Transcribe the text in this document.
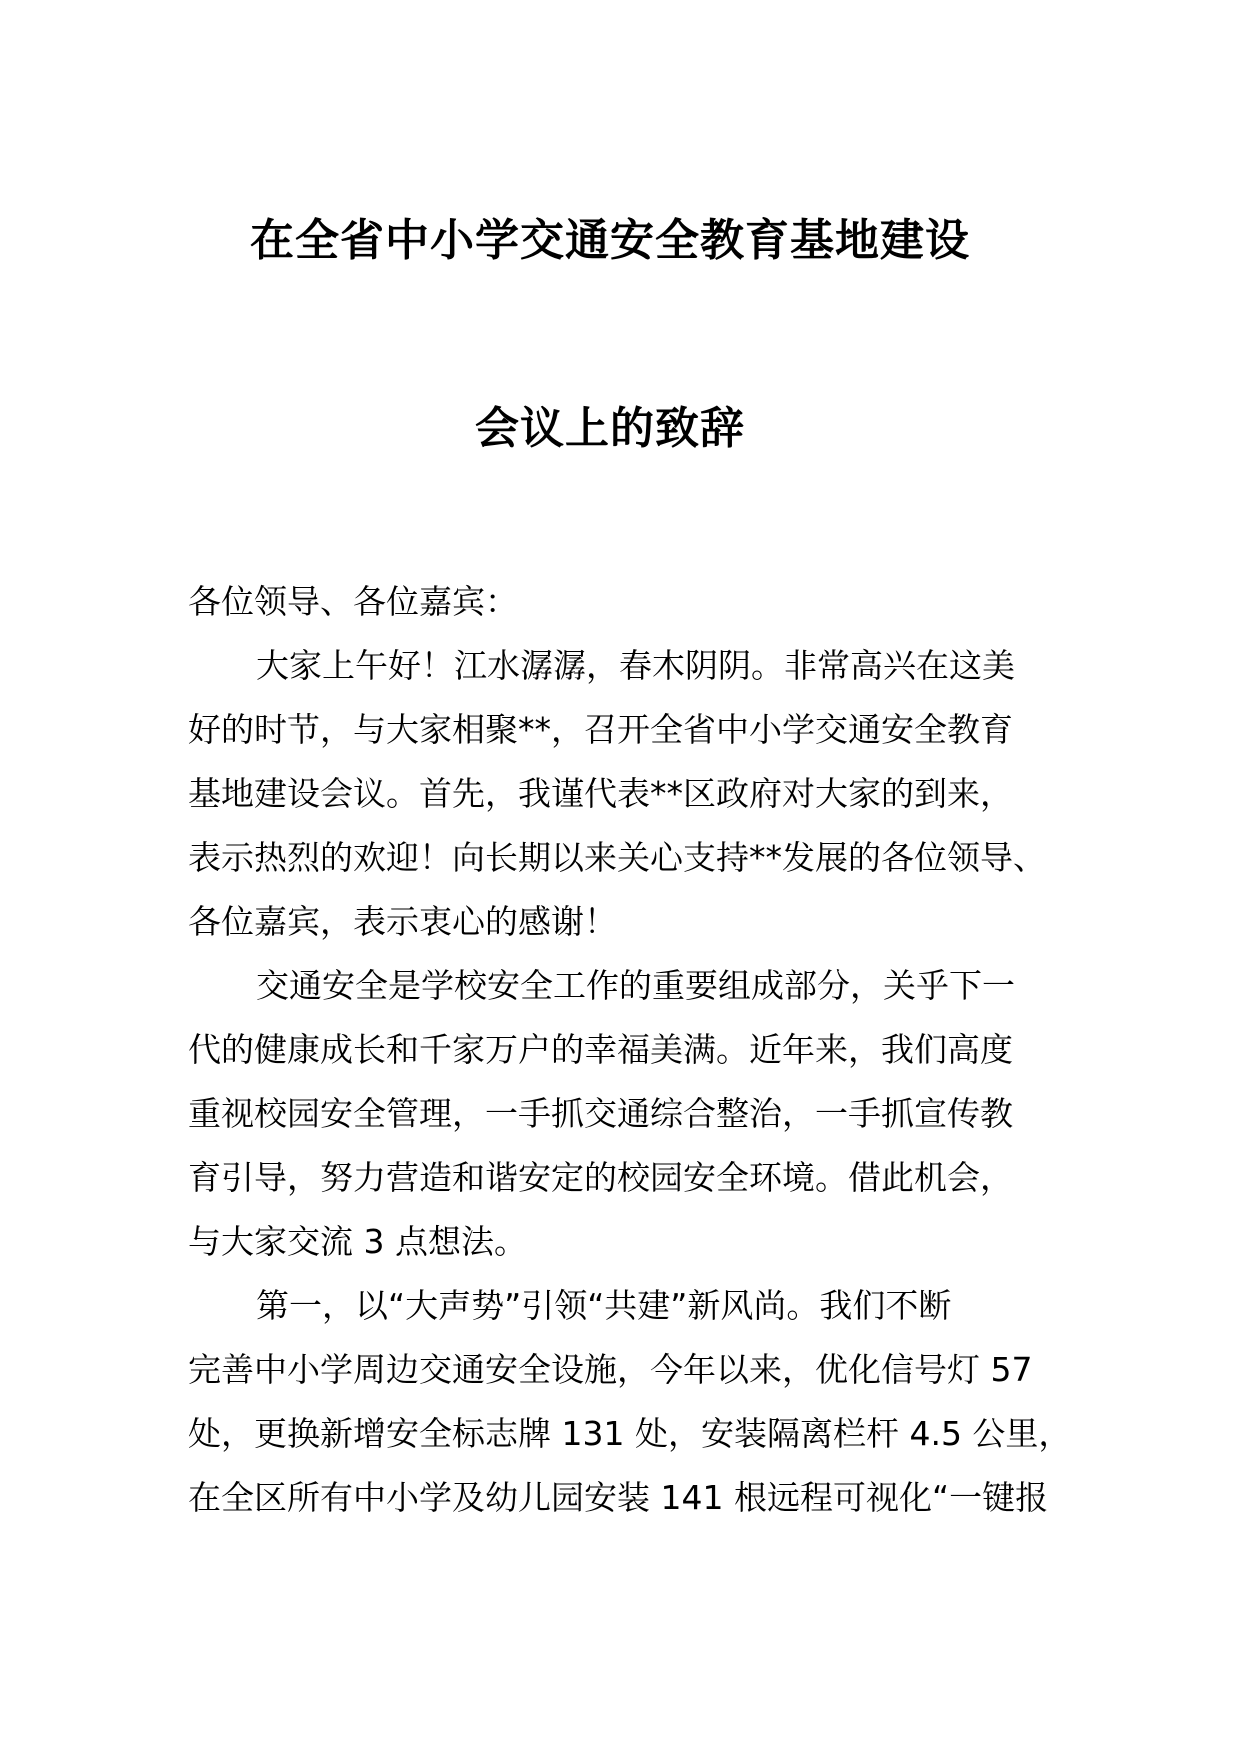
在全省中小学交通安全教育基地建设
会议上的致辞
各位领导、各位嘉宾：
大家上午好！江水潺潺，春木阴阴。非常高兴在这美
好的时节，与大家相聚**，召开全省中小学交通安全教育
基地建设会议。首先，我谨代表**区政府对大家的到来，
表示热烈的欢迎！向长期以来关心支持**发展的各位领导、
各位嘉宾，表示衷心的感谢！
交通安全是学校安全工作的重要组成部分，关乎下一
代的健康成长和千家万户的幸福美满。近年来，我们高度
重视校园安全管理，一手抓交通综合整治，一手抓宣传教
育引导，努力营造和谐安定的校园安全环境。借此机会，
与大家交流 3 点想法。
第一，以“大声势”引领“共建”新风尚。我们不断
完善中小学周边交通安全设施，今年以来，优化信号灯 57
处，更换新增安全标志牌 131 处，安装隔离栏杆 4.5 公里，
在全区所有中小学及幼儿园安装 141 根远程可视化“一键报
